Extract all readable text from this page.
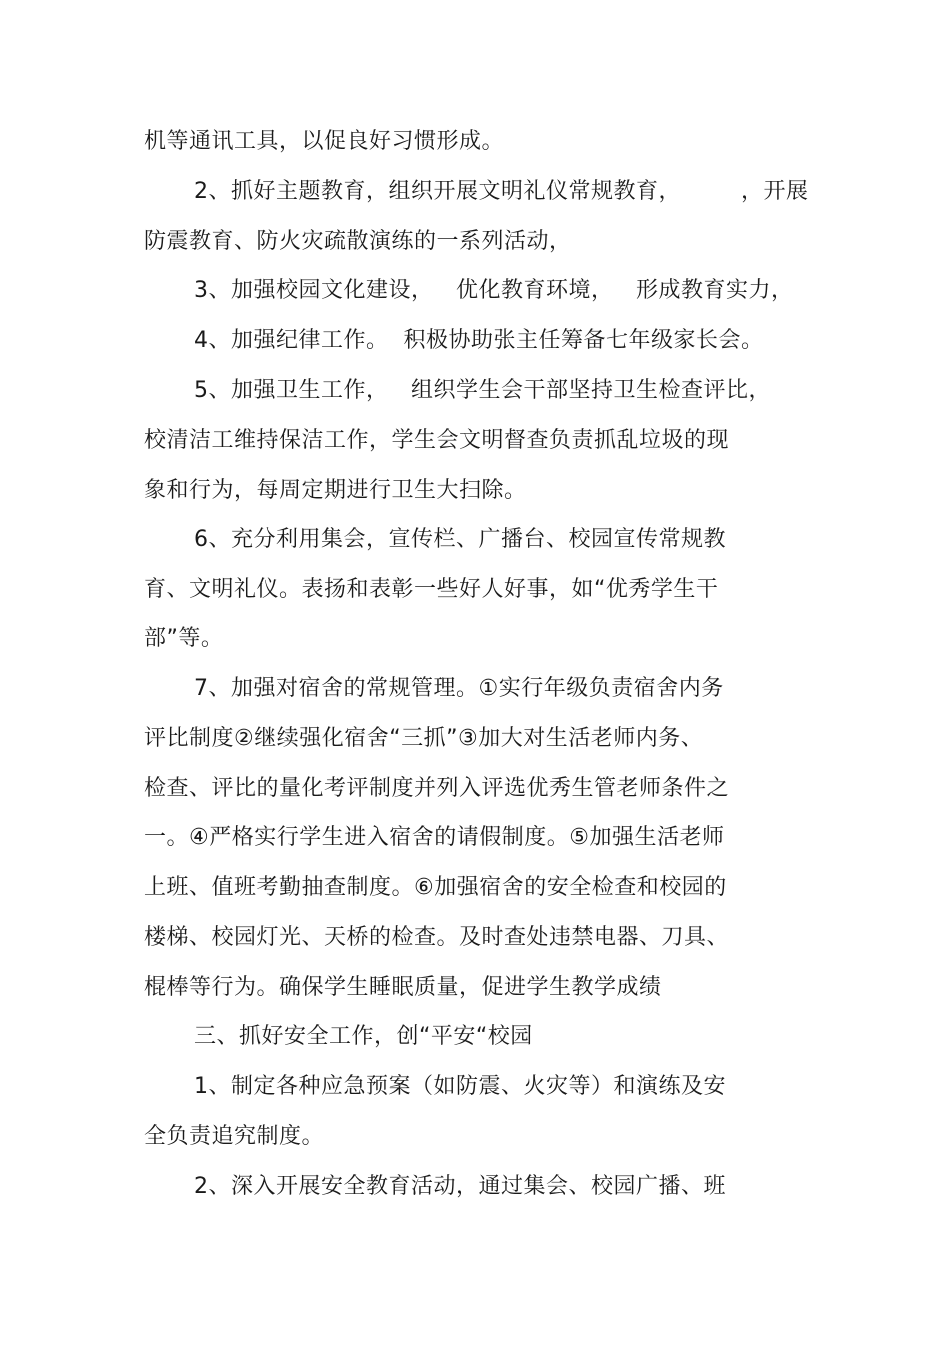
机等通讯工具，以促良好习惯形成。

2、抓好主题教育，组织开展文明礼仪常规教育，        ，开展

防震教育、防火灾疏散演练的一系列活动，

3、加强校园文化建设，   优化教育环境，   形成教育实力，

4、加强纪律工作。  积极协助张主任筹备七年级家长会。

5、加强卫生工作，   组织学生会干部坚持卫生检查评比，

校清洁工维持保洁工作，学生会文明督查负责抓乱垃圾的现

象和行为，每周定期进行卫生大扫除。

6、充分利用集会，宣传栏、广播台、校园宣传常规教

育、文明礼仪。表扬和表彰一些好人好事，如“优秀学生干

部”等。

7、加强对宿舍的常规管理。①实行年级负责宿舍内务

评比制度②继续强化宿舍“三抓”③加大对生活老师内务、

检查、评比的量化考评制度并列入评选优秀生管老师条件之

一。④严格实行学生进入宿舍的请假制度。⑤加强生活老师

上班、值班考勤抽查制度。⑥加强宿舍的安全检查和校园的

楼梯、校园灯光、天桥的检查。及时查处违禁电器、刀具、

棍棒等行为。确保学生睡眠质量，促进学生教学成绩

三、抓好安全工作，创“平安“校园

1、制定各种应急预案（如防震、火灾等）和演练及安

全负责追究制度。

2、深入开展安全教育活动，通过集会、校园广播、班
